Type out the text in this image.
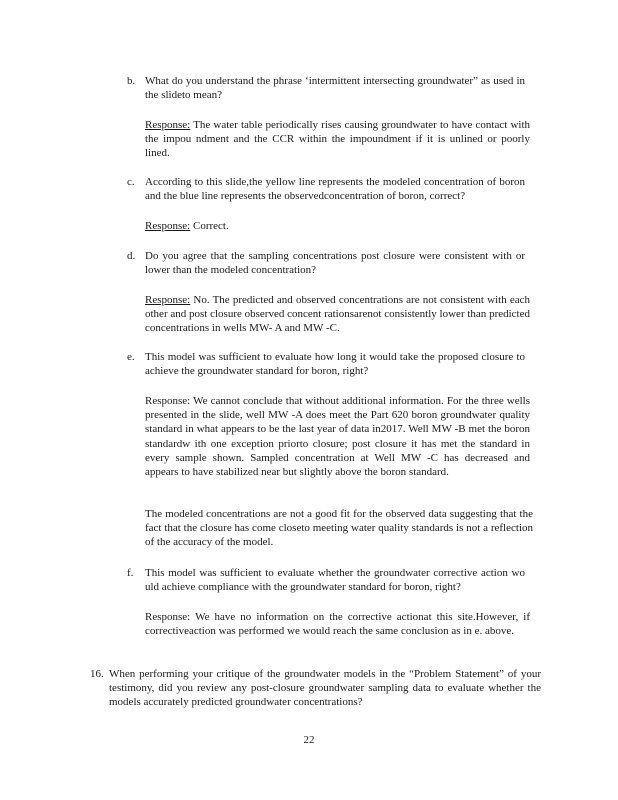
b. What do you understand the phrase ‘intermittent intersecting groundwater” as used in the slideto mean?
Response: The water table periodically rises causing groundwater to have contact with the impou ndment and the CCR within the impoundment if it is unlined or poorly lined.
c. According to this slide,the yellow line represents the modeled concentration of boron and the blue line represents the observedconcentration of boron, correct?
Response: Correct.
d. Do you agree that the sampling concentrations post closure were consistent with or lower than the modeled concentration?
Response: No. The predicted and observed concentrations are not consistent with each other and post closure observed concent rationsarenot consistently lower than predicted concentrations in wells MW- A and MW -C.
e. This model was sufficient to evaluate how long it would take the proposed closure to achieve the groundwater standard for boron, right?
Response: We cannot conclude that without additional information. For the three wells presented in the slide, well MW -A does meet the Part 620 boron groundwater quality standard in what appears to be the last year of data in2017. Well MW -B met the boron standardw ith one exception priorto closure; post closure it has met the standard in every sample shown. Sampled concentration at Well MW -C has decreased and appears to have stabilized near but slightly above the boron standard.
The modeled concentrations are not a good fit for the observed data suggesting that the fact that the closure has come closeto meeting water quality standards is not a reflection of the accuracy of the model.
f. This model was sufficient to evaluate whether the groundwater corrective action wo uld achieve compliance with the groundwater standard for boron, right?
Response: We have no information on the corrective actionat this site.However, if correctiveaction was performed we would reach the same conclusion as in e. above.
16. When performing your critique of the groundwater models in the “Problem Statement” of your testimony, did you review any post-closure groundwater sampling data to evaluate whether the models accurately predicted groundwater concentrations?
22
